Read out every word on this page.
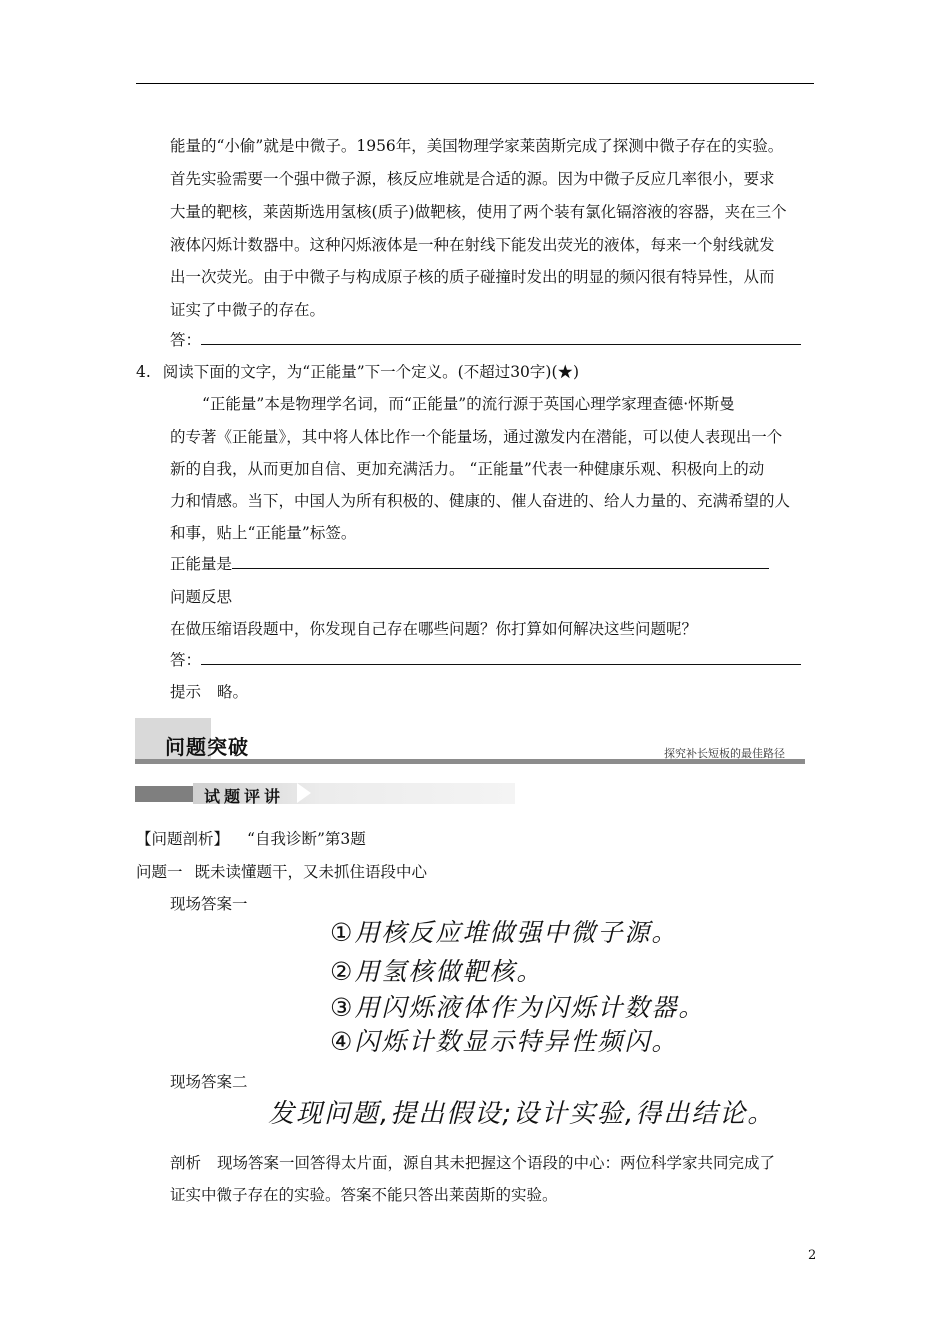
能量的“小偷”就是中微子。1956年，美国物理学家莱茵斯完成了探测中微子存在的实验。
首先实验需要一个强中微子源，核反应堆就是合适的源。因为中微子反应几率很小，要求
大量的靶核，莱茵斯选用氢核(质子)做靶核，使用了两个装有氯化镉溶液的容器，夹在三个
液体闪烁计数器中。这种闪烁液体是一种在射线下能发出荧光的液体，每来一个射线就发
出一次荧光。由于中微子与构成原子核的质子碰撞时发出的明显的频闪很有特异性，从而
证实了中微子的存在。
答：
4. 阅读下面的文字，为“正能量”下一个定义。(不超过30字)(★)
“正能量”本是物理学名词，而“正能量”的流行源于英国心理学家理查德·怀斯曼
的专著《正能量》，其中将人体比作一个能量场，通过激发内在潜能，可以使人表现出一个
新的自我，从而更加自信、更加充满活力。 “正能量”代表一种健康乐观、积极向上的动
力和情感。当下，中国人为所有积极的、健康的、催人奋进的、给人力量的、充满希望的人
和事，贴上“正能量”标签。
正能量是
问题反思
在做压缩语段题中，你发现自己存在哪些问题？你打算如何解决这些问题呢？
答：
提示 略。
问题突破	探究补长短板的最佳路径
试题评讲
【问题剖析】 “自我诊断”第3题
问题一 既未读懂题干，又未抓住语段中心
现场答案一
①用核反应堆做强中微子源。
②用氢核做靶核。
③用闪烁液体作为闪烁计数器。
④闪烁计数显示特异性频闪。
现场答案二
发现问题,提出假设;设计实验,得出结论。
剖析 现场答案一回答得太片面，源自其未把握这个语段的中心：两位科学家共同完成了
证实中微子存在的实验。答案不能只答出莱茵斯的实验。
2
